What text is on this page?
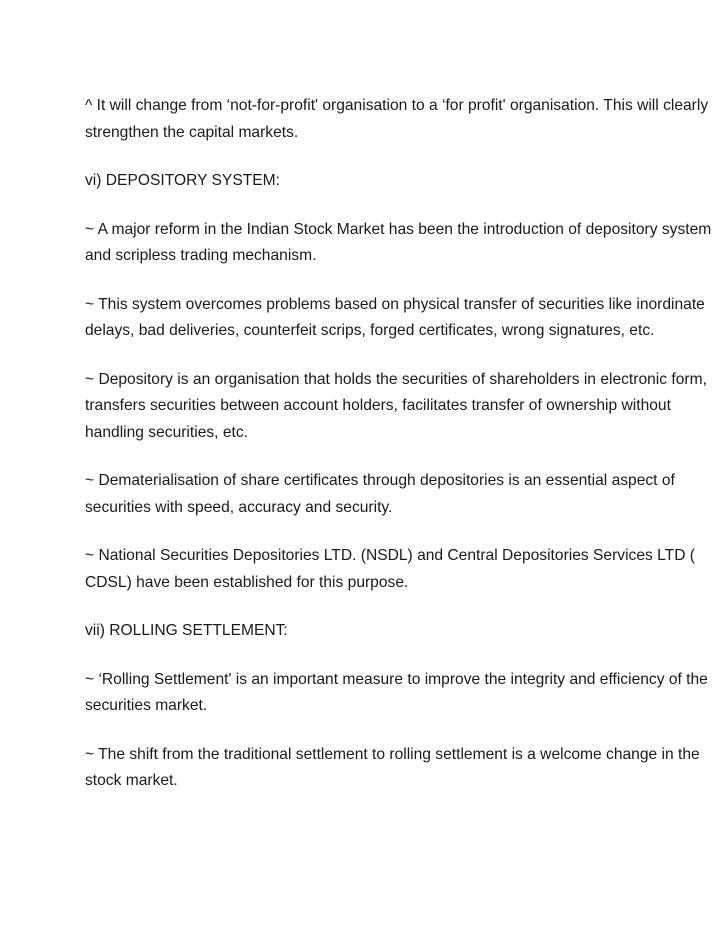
^ It will change from ‘not-for-profit' organisation to a ‘for profit' organisation. This will clearly strengthen the capital markets.

vi) DEPOSITORY SYSTEM:

~ A major reform in the Indian Stock Market has been the introduction of depository system and scripless trading mechanism.

~ This system overcomes problems based on physical transfer of securities like inordinate delays, bad deliveries, counterfeit scrips, forged certificates, wrong signatures, etc.

~ Depository is an organisation that holds the securities of shareholders in electronic form, transfers securities between account holders, facilitates transfer of ownership without handling securities, etc.

~ Dematerialisation of share certificates through depositories is an essential aspect of securities with speed, accuracy and security.

~ National Securities Depositories LTD. (NSDL) and Central Depositories Services LTD ( CDSL) have been established for this purpose.

vii) ROLLING SETTLEMENT:

~ ‘Rolling Settlement' is an important measure to improve the integrity and efficiency of the securities market.

~ The shift from the traditional settlement to rolling settlement is a welcome change in the stock market.
